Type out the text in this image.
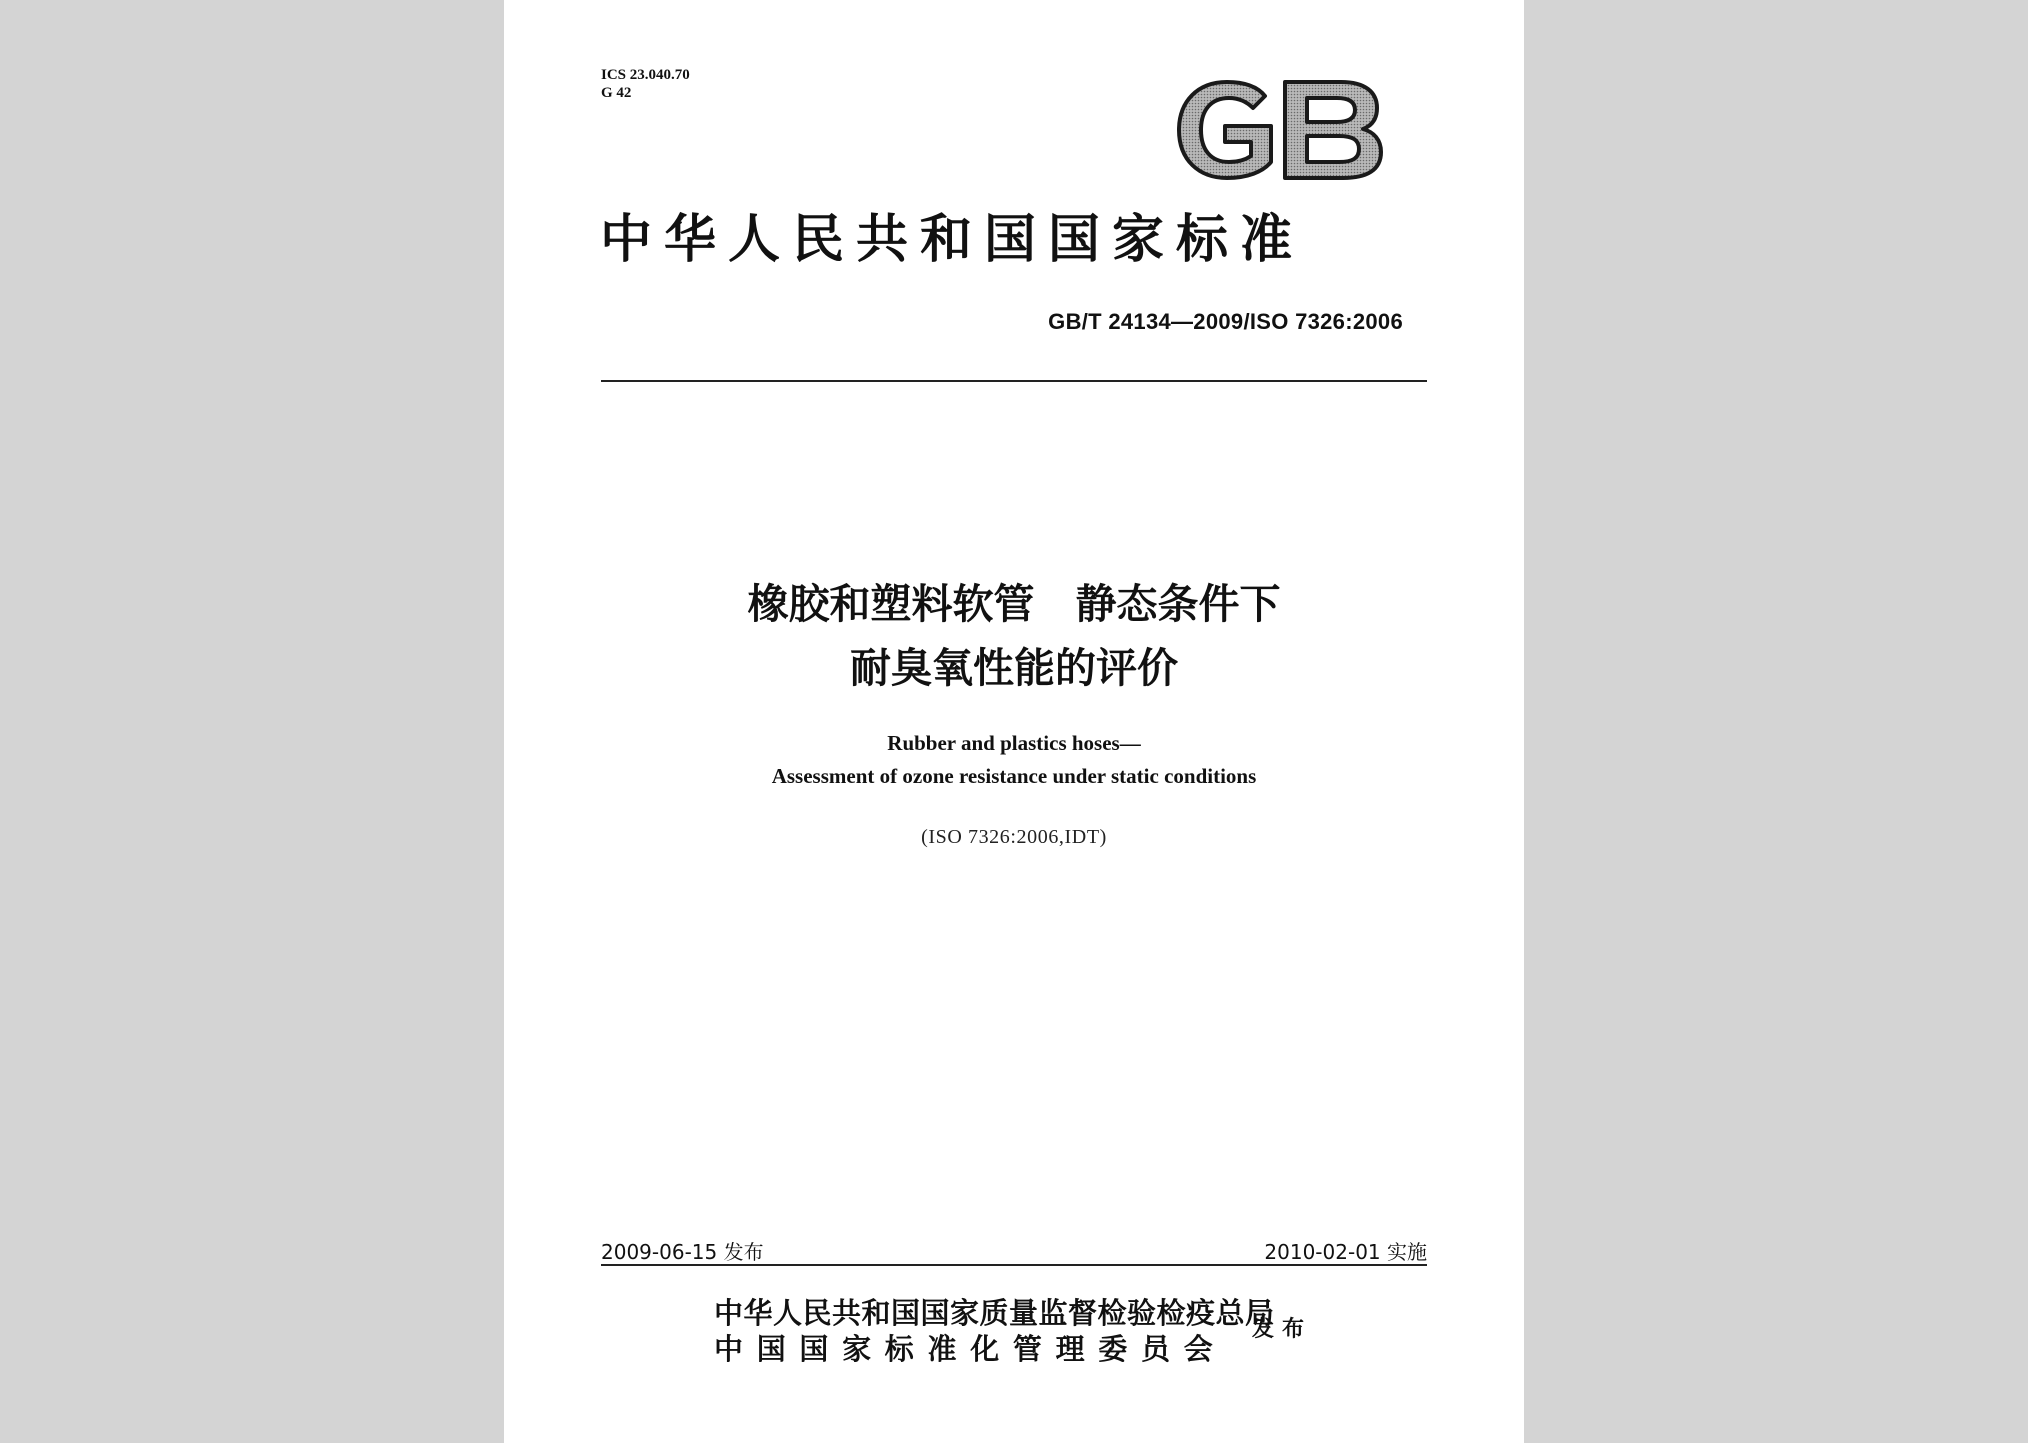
ICS 23.040.70
G 42
中华人民共和国国家标准
GB/T 24134—2009/ISO 7326:2006
橡胶和塑料软管　静态条件下
耐臭氧性能的评价
Rubber and plastics hoses—
Assessment of ozone resistance under static conditions
(ISO 7326:2006,IDT)
2009-06-15 发布	2010-02-01 实施
中华人民共和国国家质量监督检验检疫总局
中国国家标准化管理委员会
发布
